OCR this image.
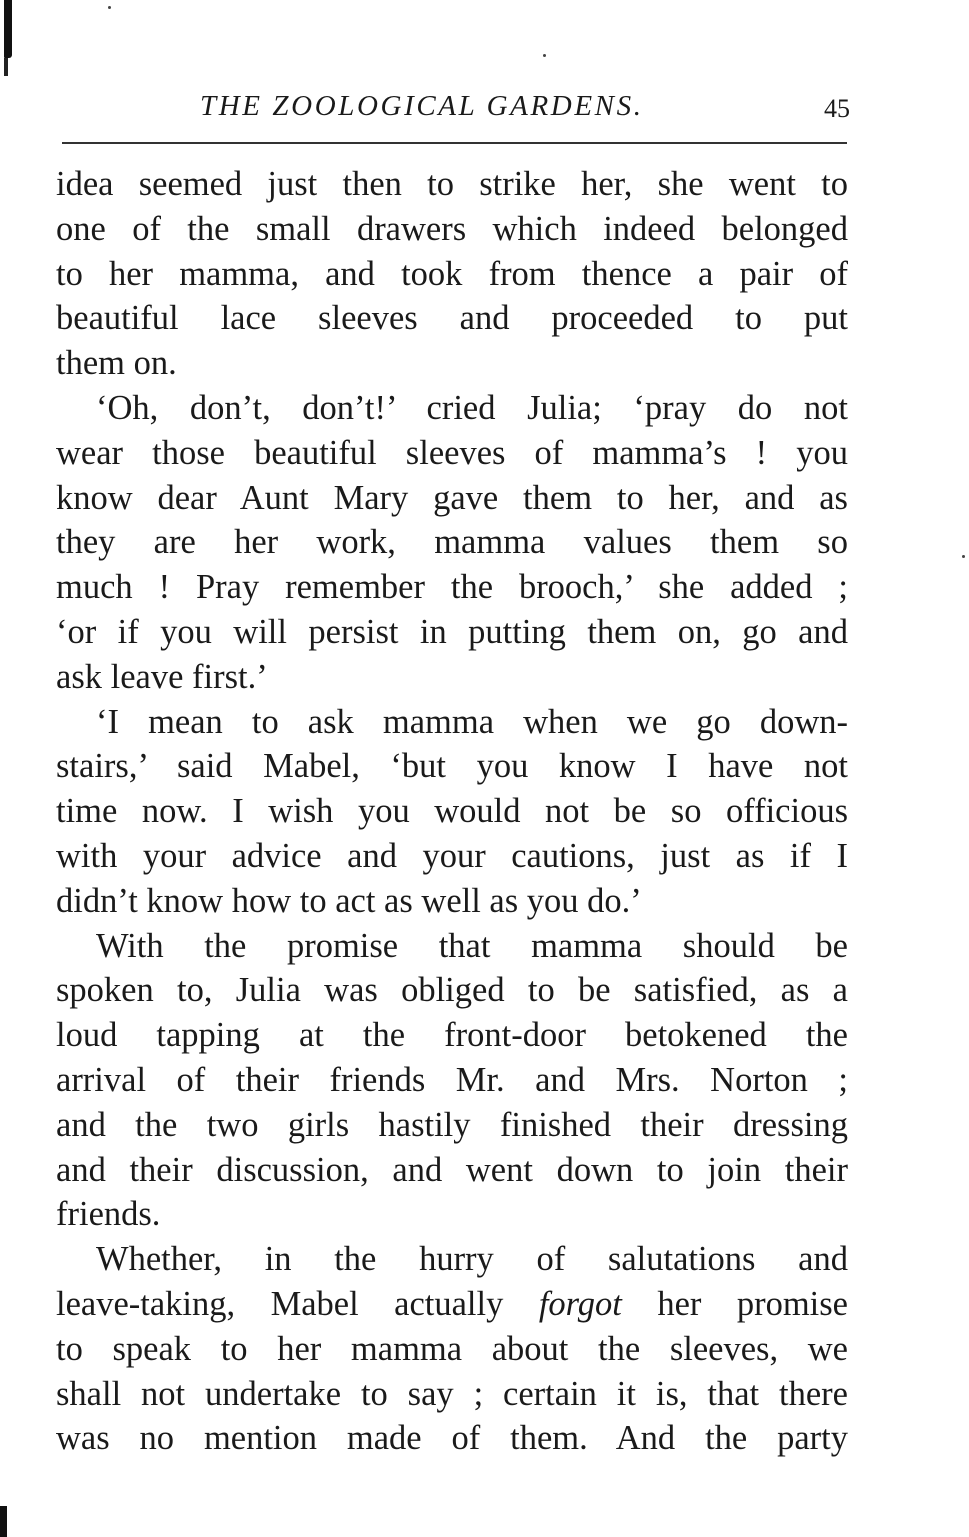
THE ZOOLOGICAL GARDENS.	45
idea seemed just then to strike her, she went to
one of the small drawers which indeed belonged
to her mamma, and took from thence a pair of
beautiful lace sleeves and proceeded to put
them on.
‘Oh, don’t, don’t!’ cried Julia; ‘pray do not
wear those beautiful sleeves of mamma’s ! you
know dear Aunt Mary gave them to her, and as
they are her work, mamma values them so
much ! Pray remember the brooch,’ she added ;
‘or if you will persist in putting them on, go and
ask leave first.’
‘I mean to ask mamma when we go down-
stairs,’ said Mabel, ‘but you know I have not
time now. I wish you would not be so officious
with your advice and your cautions, just as if I
didn’t know how to act as well as you do.’
With the promise that mamma should be
spoken to, Julia was obliged to be satisfied, as a
loud tapping at the front-door betokened the
arrival of their friends Mr. and Mrs. Norton ;
and the two girls hastily finished their dressing
and their discussion, and went down to join their
friends.
Whether, in the hurry of salutations and
leave-taking, Mabel actually forgot her promise
to speak to her mamma about the sleeves, we
shall not undertake to say ; certain it is, that there
was no mention made of them. And the party
